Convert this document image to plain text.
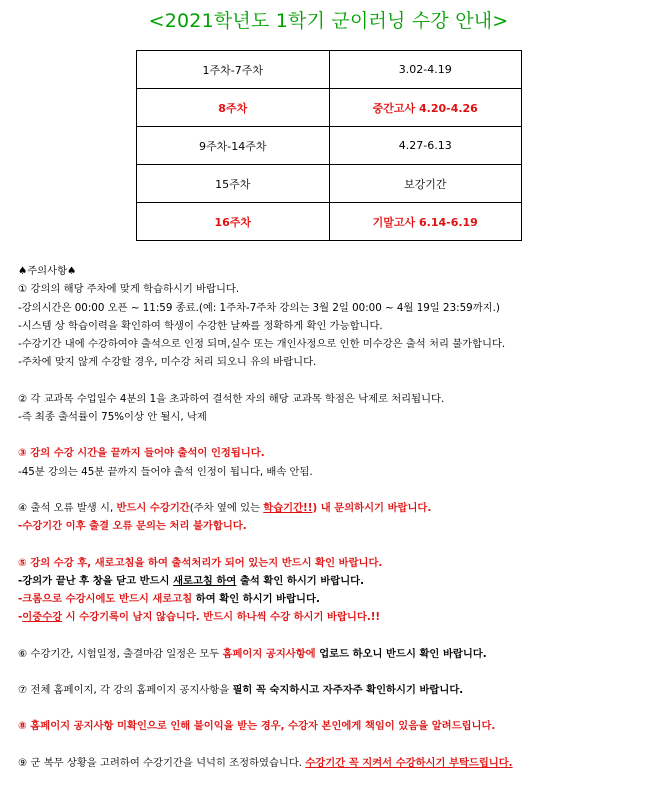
<2021학년도 1학기 군이러닝 수강 안내>
1주차-7주차	3.02-4.19
8주차	중간고사 4.20-4.26
9주차-14주차	4.27-6.13
15주차	보강기간
16주차	기말고사 6.14-6.19
♠주의사항♠
① 강의의 해당 주차에 맞게 학습하시기 바랍니다.
-강의시간은 00:00 오픈 ~ 11:59 종료.(예: 1주차-7주차 강의는 3월 2일 00:00 ~ 4월 19일 23:59까지.)
-시스템 상 학습이력을 확인하여 학생이 수강한 날짜를 정확하게 확인 가능합니다.
-수강기간 내에 수강하여야 출석으로 인정 되며,실수 또는 개인사정으로 인한 미수강은 출석 처리 불가합니다.
-주차에 맞지 않게 수강할 경우, 미수강 처리 되오니 유의 바랍니다.
② 각 교과목 수업일수 4분의 1을 초과하여 결석한 자의 해당 교과목 학점은 낙제로 처리됩니다.
-즉 최종 출석률이 75%이상 안 될시, 낙제
③ 강의 수강 시간을 끝까지 들어야 출석이 인정됩니다.
-45분 강의는 45분 끝까지 들어야 출석 인정이 됩니다, 배속 안됨.
④ 출석 오류 발생 시, 반드시 수강기간(주차 옆에 있는 학습기간!!) 내 문의하시기 바랍니다.
-수강기간 이후 출결 오류 문의는 처리 불가합니다.
⑤ 강의 수강 후, 새로고침을 하여 출석처리가 되어 있는지 반드시 확인 바랍니다.
-강의가 끝난 후 창을 닫고 반드시 새로고침 하여 출석 확인 하시기 바랍니다.
-크롬으로 수강시에도 반드시 새로고침 하여 확인 하시기 바랍니다.
-이중수강 시 수강기록이 남지 않습니다. 반드시 하나씩 수강 하시기 바랍니다.!!
⑥ 수강기간, 시험일정, 출결마감 일정은 모두 홈페이지 공지사항에 업로드 하오니 반드시 확인 바랍니다.
⑦ 전체 홈페이지, 각 강의 홈페이지 공지사항을 필히 꼭 숙지하시고 자주자주 확인하시기 바랍니다.
⑧ 홈페이지 공지사항 미확인으로 인해 불이익을 받는 경우, 수강자 본인에게 책임이 있음을 알려드립니다.
⑨ 군 복무 상황을 고려하여 수강기간을 넉넉히 조정하였습니다. 수강기간 꼭 지켜서 수강하시기 부탁드립니다.
